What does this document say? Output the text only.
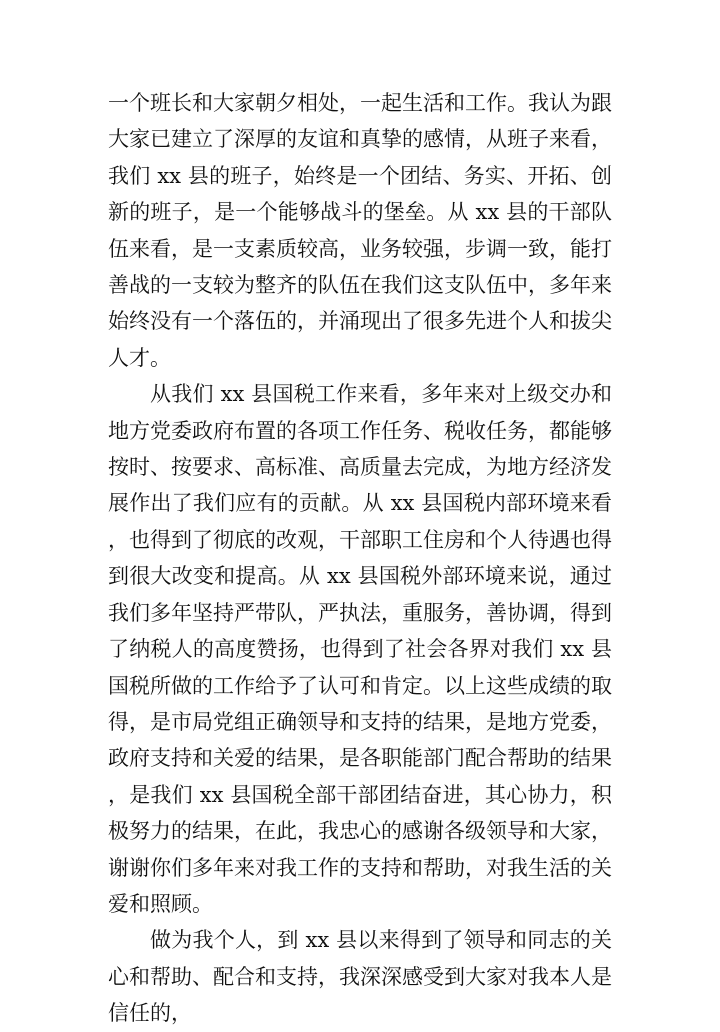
一个班长和大家朝夕相处，一起生活和工作。我认为跟大家已建立了深厚的友谊和真挚的感情，从班子来看，我们 xx 县的班子，始终是一个团结、务实、开拓、创新的班子，是一个能够战斗的堡垒。从 xx 县的干部队伍来看，是一支素质较高，业务较强，步调一致，能打善战的一支较为整齐的队伍在我们这支队伍中，多年来始终没有一个落伍的，并涌现出了很多先进个人和拔尖人才。

从我们 xx 县国税工作来看，多年来对上级交办和地方党委政府布置的各项工作任务、税收任务，都能够按时、按要求、高标准、高质量去完成，为地方经济发展作出了我们应有的贡献。从 xx 县国税内部环境来看，也得到了彻底的改观，干部职工住房和个人待遇也得到很大改变和提高。从 xx 县国税外部环境来说，通过我们多年坚持严带队，严执法，重服务，善协调，得到了纳税人的高度赞扬，也得到了社会各界对我们 xx 县国税所做的工作给予了认可和肯定。以上这些成绩的取得，是市局党组正确领导和支持的结果，是地方党委，政府支持和关爱的结果，是各职能部门配合帮助的结果，是我们 xx 县国税全部干部团结奋进，其心协力，积极努力的结果，在此，我忠心的感谢各级领导和大家，谢谢你们多年来对我工作的支持和帮助，对我生活的关爱和照顾。

做为我个人，到 xx 县以来得到了领导和同志的关心和帮助、配合和支持，我深深感受到大家对我本人是信任的，
